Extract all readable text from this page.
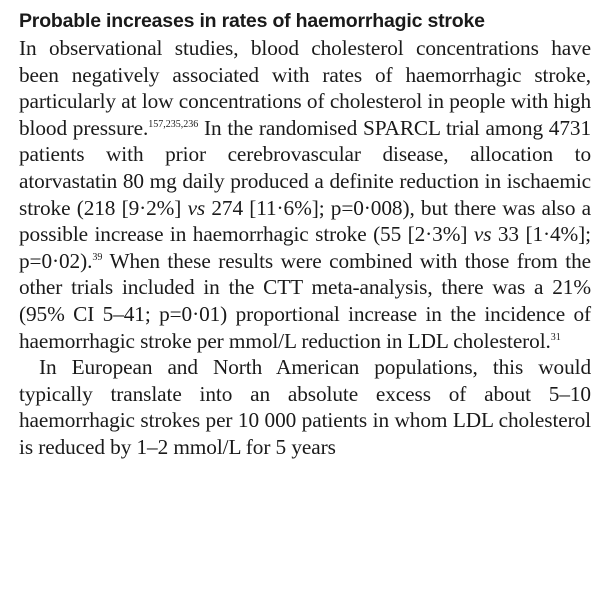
Probable increases in rates of haemorrhagic stroke

In observational studies, blood cholesterol concentrations have been negatively associated with rates of haemorrhagic stroke, particularly at low concentrations of cholesterol in people with high blood pressure.$^{157,235,236}$ In the randomised SPARCL trial among 4731 patients with prior cerebrovascular disease, allocation to atorvastatin 80 mg daily produced a definite reduction in ischaemic stroke (218 [9·2%] vs 274 [11·6%]; p=0·008), but there was also a possible increase in haemorrhagic stroke (55 [2·3%] vs 33 [1·4%]; p=0·02).$^{39}$ When these results were combined with those from the other trials included in the CTT meta-analysis, there was a 21% (95% CI 5–41; p=0·01) proportional increase in the incidence of haemorrhagic stroke per mmol/L reduction in LDL cholesterol.$^{31}$

In European and North American populations, this would typically translate into an absolute excess of about 5–10 haemorrhagic strokes per 10 000 patients in whom LDL cholesterol is reduced by 1–2 mmol/L for 5 years
